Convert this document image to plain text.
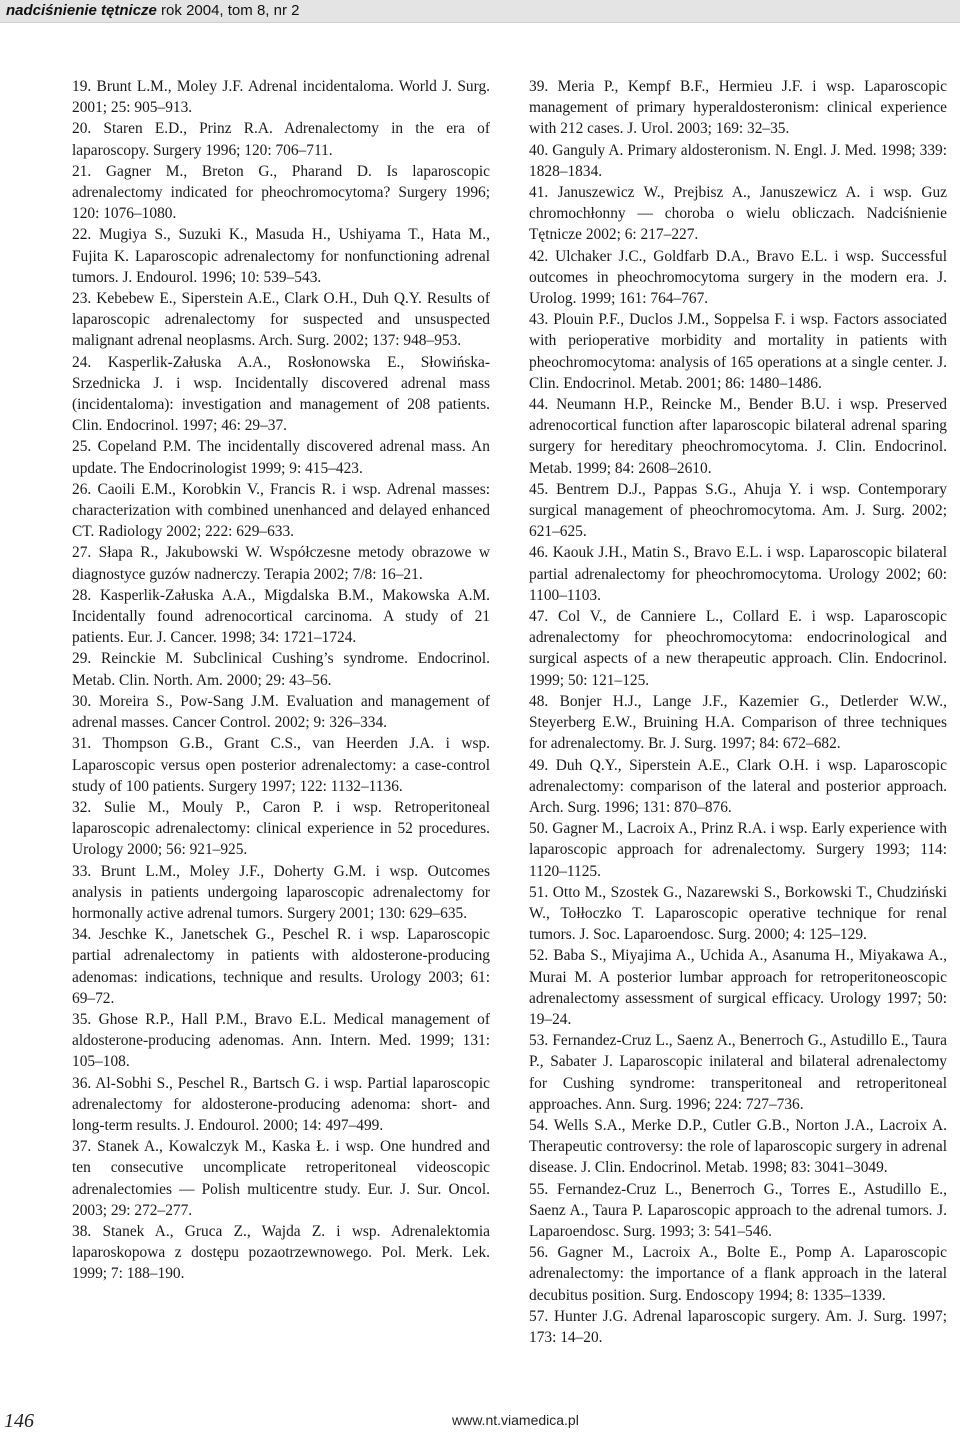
nadciśnienie tętnicze rok 2004, tom 8, nr 2

19. Brunt L.M., Moley J.F. Adrenal incidentaloma. World J. Surg. 2001; 25: 905–913.

20. Staren E.D., Prinz R.A. Adrenalectomy in the era of laparoscopy. Surgery 1996; 120: 706–711.

21. Gagner M., Breton G., Pharand D. Is laparoscopic adrenalectomy indicated for pheochromocytoma? Surgery 1996; 120: 1076–1080.

22. Mugiya S., Suzuki K., Masuda H., Ushiyama T., Hata M., Fujita K. Laparoscopic adrenalectomy for nonfunctioning adrenal tumors. J. Endourol. 1996; 10: 539–543.

23. Kebebew E., Siperstein A.E., Clark O.H., Duh Q.Y. Results of laparoscopic adrenalectomy for suspected and unsuspected malignant adrenal neoplasms. Arch. Surg. 2002; 137: 948–953.

24. Kasperlik-Załuska A.A., Rosłonowska E., Słowińska-Srzednicka J. i wsp. Incidentally discovered adrenal mass (incidentaloma): investigation and management of 208 patients. Clin. Endocrinol. 1997; 46: 29–37.

25. Copeland P.M. The incidentally discovered adrenal mass. An update. The Endocrinologist 1999; 9: 415–423.

26. Caoili E.M., Korobkin V., Francis R. i wsp. Adrenal masses: characterization with combined unenhanced and delayed enhanced CT. Radiology 2002; 222: 629–633.

27. Słapa R., Jakubowski W. Współczesne metody obrazowe w diagnostyce guzów nadnerczy. Terapia 2002; 7/8: 16–21.

28. Kasperlik-Załuska A.A., Migdalska B.M., Makowska A.M. Incidentally found adrenocortical carcinoma. A study of 21 patients. Eur. J. Cancer. 1998; 34: 1721–1724.

29. Reinckie M. Subclinical Cushing’s syndrome. Endocrinol. Metab. Clin. North. Am. 2000; 29: 43–56.

30. Moreira S., Pow-Sang J.M. Evaluation and management of adrenal masses. Cancer Control. 2002; 9: 326–334.

31. Thompson G.B., Grant C.S., van Heerden J.A. i wsp. Laparoscopic versus open posterior adrenalectomy: a case-control study of 100 patients. Surgery 1997; 122: 1132–1136.

32. Sulie M., Mouly P., Caron P. i wsp. Retroperitoneal laparoscopic adrenalectomy: clinical experience in 52 procedures. Urology 2000; 56: 921–925.

33. Brunt L.M., Moley J.F., Doherty G.M. i wsp. Outcomes analysis in patients undergoing laparoscopic adrenalectomy for hormonally active adrenal tumors. Surgery 2001; 130: 629–635.

34. Jeschke K., Janetschek G., Peschel R. i wsp. Laparoscopic partial adrenalectomy in patients with aldosterone-producing adenomas: indications, technique and results. Urology 2003; 61: 69–72.

35. Ghose R.P., Hall P.M., Bravo E.L. Medical management of aldosterone-producing adenomas. Ann. Intern. Med. 1999; 131: 105–108.

36. Al-Sobhi S., Peschel R., Bartsch G. i wsp. Partial laparoscopic adrenalectomy for aldosterone-producing adenoma: short- and long-term results. J. Endourol. 2000; 14: 497–499.

37. Stanek A., Kowalczyk M., Kaska Ł. i wsp. One hundred and ten consecutive uncomplicate retroperitoneal videoscopic adrenalectomies — Polish multicentre study. Eur. J. Sur. Oncol. 2003; 29: 272–277.

38. Stanek A., Gruca Z., Wajda Z. i wsp. Adrenalektomia laparoskopowa z dostępu pozaotrzewnowego. Pol. Merk. Lek. 1999; 7: 188–190.

39. Meria P., Kempf B.F., Hermieu J.F. i wsp. Laparoscopic management of primary hyperaldosteronism: clinical experience with 212 cases. J. Urol. 2003; 169: 32–35.

40. Ganguly A. Primary aldosteronism. N. Engl. J. Med. 1998; 339: 1828–1834.

41. Januszewicz W., Prejbisz A., Januszewicz A. i wsp. Guz chromochłonny — choroba o wielu obliczach. Nadciśnienie Tętnicze 2002; 6: 217–227.

42. Ulchaker J.C., Goldfarb D.A., Bravo E.L. i wsp. Successful outcomes in pheochromocytoma surgery in the modern era. J. Urolog. 1999; 161: 764–767.

43. Plouin P.F., Duclos J.M., Soppelsa F. i wsp. Factors associated with perioperative morbidity and mortality in patients with pheochromocytoma: analysis of 165 operations at a single center. J. Clin. Endocrinol. Metab. 2001; 86: 1480–1486.

44. Neumann H.P., Reincke M., Bender B.U. i wsp. Preserved adrenocortical function after laparoscopic bilateral adrenal sparing surgery for hereditary pheochromocytoma. J. Clin. Endocrinol. Metab. 1999; 84: 2608–2610.

45. Bentrem D.J., Pappas S.G., Ahuja Y. i wsp. Contemporary surgical management of pheochromocytoma. Am. J. Surg. 2002; 621–625.

46. Kaouk J.H., Matin S., Bravo E.L. i wsp. Laparoscopic bilateral partial adrenalectomy for pheochromocytoma. Urology 2002; 60: 1100–1103.

47. Col V., de Canniere L., Collard E. i wsp. Laparoscopic adrenalectomy for pheochromocytoma: endocrinological and surgical aspects of a new therapeutic approach. Clin. Endocrinol. 1999; 50: 121–125.

48. Bonjer H.J., Lange J.F., Kazemier G., Detlerder W.W., Steyerberg E.W., Bruining H.A. Comparison of three techniques for adrenalectomy. Br. J. Surg. 1997; 84: 672–682.

49. Duh Q.Y., Siperstein A.E., Clark O.H. i wsp. Laparoscopic adrenalectomy: comparison of the lateral and posterior approach. Arch. Surg. 1996; 131: 870–876.

50. Gagner M., Lacroix A., Prinz R.A. i wsp. Early experience with laparoscopic approach for adrenalectomy. Surgery 1993; 114: 1120–1125.

51. Otto M., Szostek G., Nazarewski S., Borkowski T., Chudziński W., Tołłoczko T. Laparoscopic operative technique for renal tumors. J. Soc. Laparoendosc. Surg. 2000; 4: 125–129.

52. Baba S., Miyajima A., Uchida A., Asanuma H., Miyakawa A., Murai M. A posterior lumbar approach for retroperitoneoscopic adrenalectomy assessment of surgical efficacy. Urology 1997; 50: 19–24.

53. Fernandez-Cruz L., Saenz A., Benerroch G., Astudillo E., Taura P., Sabater J. Laparoscopic inilateral and bilateral adrenalectomy for Cushing syndrome: transperitoneal and retroperitoneal approaches. Ann. Surg. 1996; 224: 727–736.

54. Wells S.A., Merke D.P., Cutler G.B., Norton J.A., Lacroix A. Therapeutic controversy: the role of laparoscopic surgery in adrenal disease. J. Clin. Endocrinol. Metab. 1998; 83: 3041–3049.

55. Fernandez-Cruz L., Benerroch G., Torres E., Astudillo E., Saenz A., Taura P. Laparoscopic approach to the adrenal tumors. J. Laparoendosc. Surg. 1993; 3: 541–546.

56. Gagner M., Lacroix A., Bolte E., Pomp A. Laparoscopic adrenalectomy: the importance of a flank approach in the lateral decubitus position. Surg. Endoscopy 1994; 8: 1335–1339.

57. Hunter J.G. Adrenal laparoscopic surgery. Am. J. Surg. 1997; 173: 14–20.

146	www.nt.viamedica.pl
